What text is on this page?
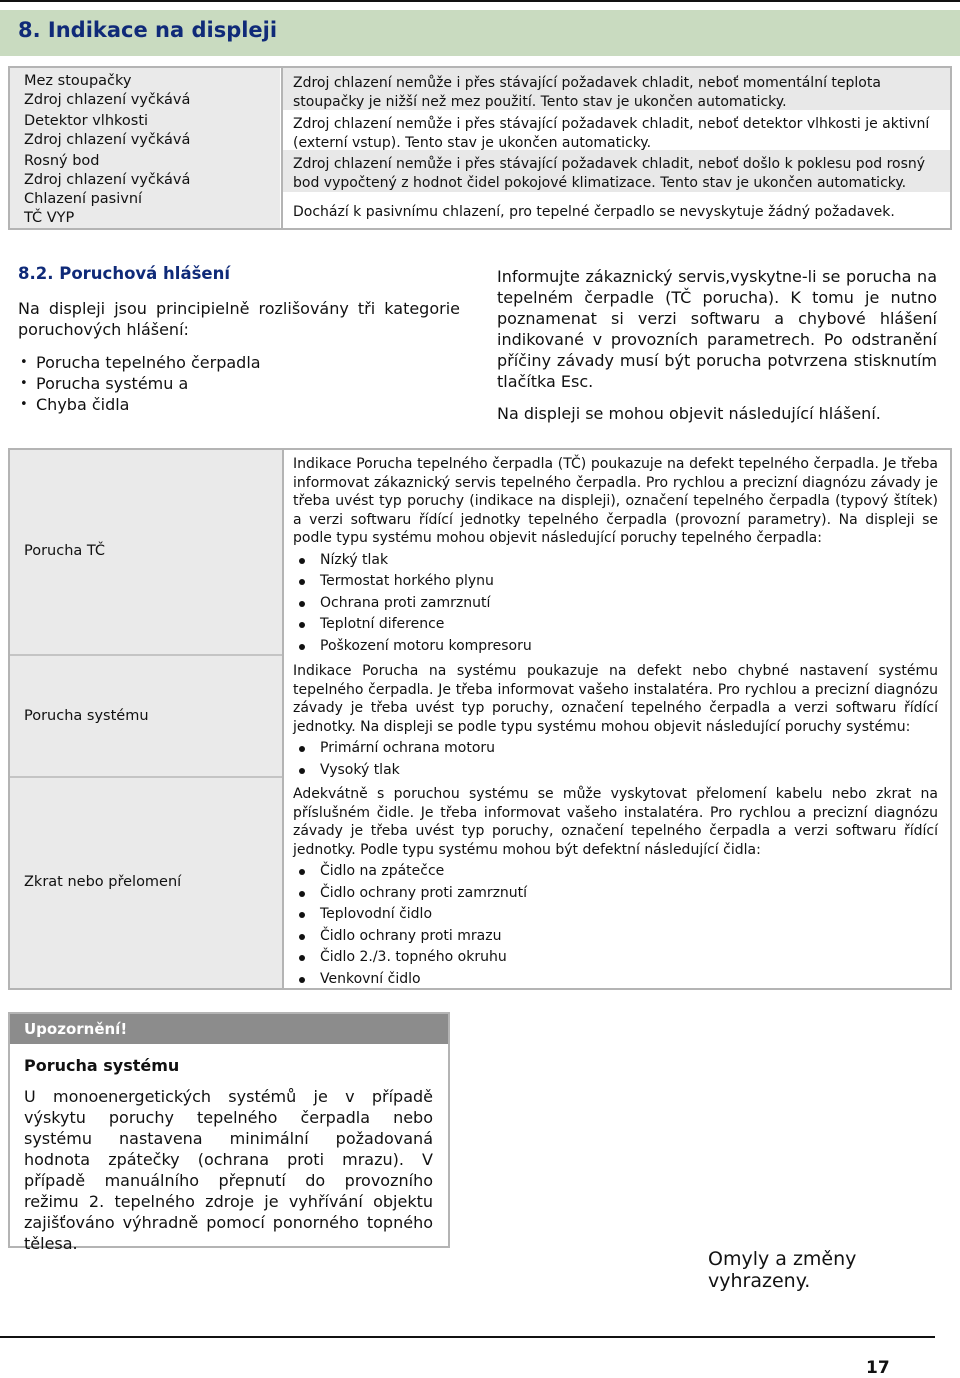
8. Indikace na displeji
Mez stoupačky
Zdroj chlazení vyčkává
Detektor vlhkosti
Zdroj chlazení vyčkává
Rosný bod
Zdroj chlazení vyčkává
Chlazení pasivní
TČ VYP
Zdroj chlazení nemůže i přes stávající požadavek chladit, neboť momentální teplota stoupačky je nižší než mez použití. Tento stav je ukončen automaticky.
Zdroj chlazení nemůže i přes stávající požadavek chladit, neboť detektor vlhkosti je aktivní (externí vstup). Tento stav je ukončen automaticky.
Zdroj chlazení nemůže i přes stávající požadavek chladit, neboť došlo k poklesu pod rosný bod vypočtený z hodnot čidel pokojové klimatizace. Tento stav je ukončen automaticky.
Dochází k pasivnímu chlazení, pro tepelné čerpadlo se nevyskytuje žádný požadavek.
8.2. Poruchová hlášení
Na displeji jsou principielně rozlišovány tři kategorie poruchových hlášení:
• Porucha tepelného čerpadla
• Porucha systému a
• Chyba čidla
Informujte zákaznický servis,vyskytne-li se porucha na tepelném čerpadle (TČ porucha). K tomu je nutno poznamenat si verzi softwaru a chybové hlášení indikované v provozních parametrech. Po odstranění příčiny závady musí být porucha potvrzena stisknutím tlačítka Esc.
Na displeji se mohou objevit následující hlášení.
Porucha TČ
Porucha systému
Zkrat nebo přelomení
Indikace Porucha tepelného čerpadla (TČ) poukazuje na defekt tepelného čerpadla. Je třeba informovat zákaznický servis tepelného čerpadla. Pro rychlou a precizní diagnózu závady je třeba uvést typ poruchy (indikace na displeji), označení tepelného čerpadla (typový štítek) a verzi softwaru řídící jednotky tepelného čerpadla (provozní parametry). Na displeji se podle typu systému mohou objevit následující poruchy tepelného čerpadla:
Nízký tlak
Termostat horkého plynu
Ochrana proti zamrznutí
Teplotní diference
Poškození motoru kompresoru
Indikace Porucha na systému poukazuje na defekt nebo chybné nastavení systému tepelného čerpadla. Je třeba informovat vašeho instalatéra. Pro rychlou a precizní diagnózu závady je třeba uvést typ poruchy, označení tepelného čerpadla a verzi softwaru řídící jednotky. Na displeji se podle typu systému mohou objevit následující poruchy systému:
Primární ochrana motoru
Vysoký tlak
Adekvátně s poruchou systému se může vyskytovat přelomení kabelu nebo zkrat na příslušném čidle. Je třeba informovat vašeho instalatéra. Pro rychlou a precizní diagnózu závady je třeba uvést typ poruchy, označení tepelného čerpadla a verzi softwaru řídící jednotky. Podle typu systému mohou být defektní následující čidla:
Čidlo na zpátečce
Čidlo ochrany proti zamrznutí
Teplovodní čidlo
Čidlo ochrany proti mrazu
Čidlo 2./3. topného okruhu
Venkovní čidlo
Upozornění!
Porucha systému
U monoenergetických systémů je v případě výskytu poruchy tepelného čerpadla nebo systému nastavena minimální požadovaná hodnota zpátečky (ochrana proti mrazu). V případě manuálního přepnutí do provozního režimu 2. tepelného zdroje je vyhřívání objektu zajišťováno výhradně pomocí ponorného topného tělesa.
Omyly a změny vyhrazeny.
17
